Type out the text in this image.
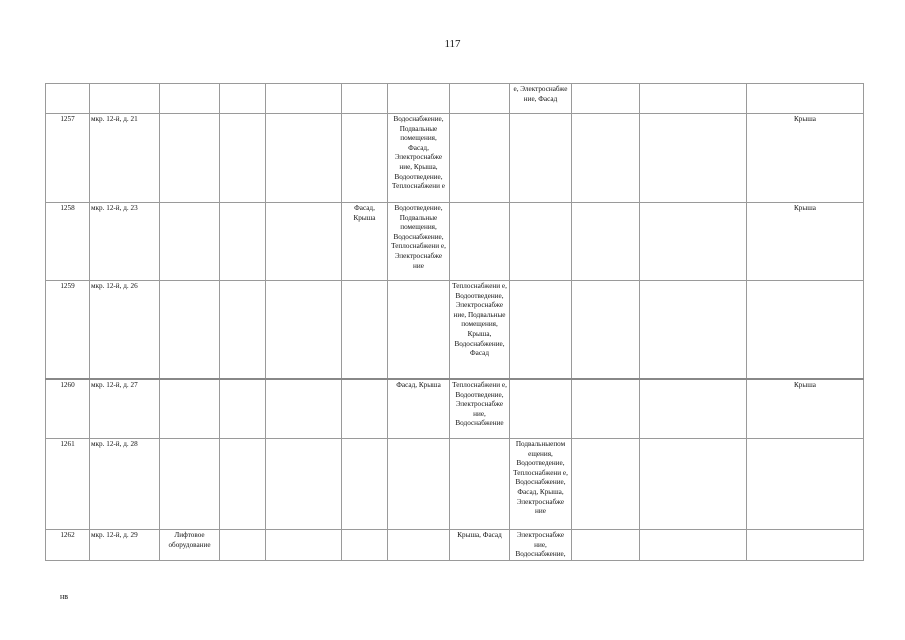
117
								е, Электроснабже ние, Фасад			
1257	мкр. 12-й, д. 21					Водоснабжение, Подвальные помещения, Фасад, Электроснабже ние, Крыша, Водоотведение, Теплоснабжени е					Крыша
1258	мкр. 12-й, д. 23				Фасад, Крыша	Водоотведение, Подвальные помещения, Водоснабжение, Теплоснабжени е, Электроснабже ние					Крыша
1259	мкр. 12-й, д. 26						Теплоснабжени е, Водоотведение, Электроснабже ние, Подвальные помещения, Крыша, Водоснабжение, Фасад				
1260	мкр. 12-й, д. 27					Фасад, Крыша	Теплоснабжени е, Водоотведение, Электроснабже ние, Водоснабжение				Крыша
1261	мкр. 12-й, д. 28							Подвальныепом ещения, Водоотведение, Теплоснабжени е, Водоснабжение, Фасад, Крыша, Электроснабже ние			
1262	мкр. 12-й, д. 29	Лифтовое оборудование					Крыша, Фасад	Электроснабже ние, Водоснабжение,			
нв
